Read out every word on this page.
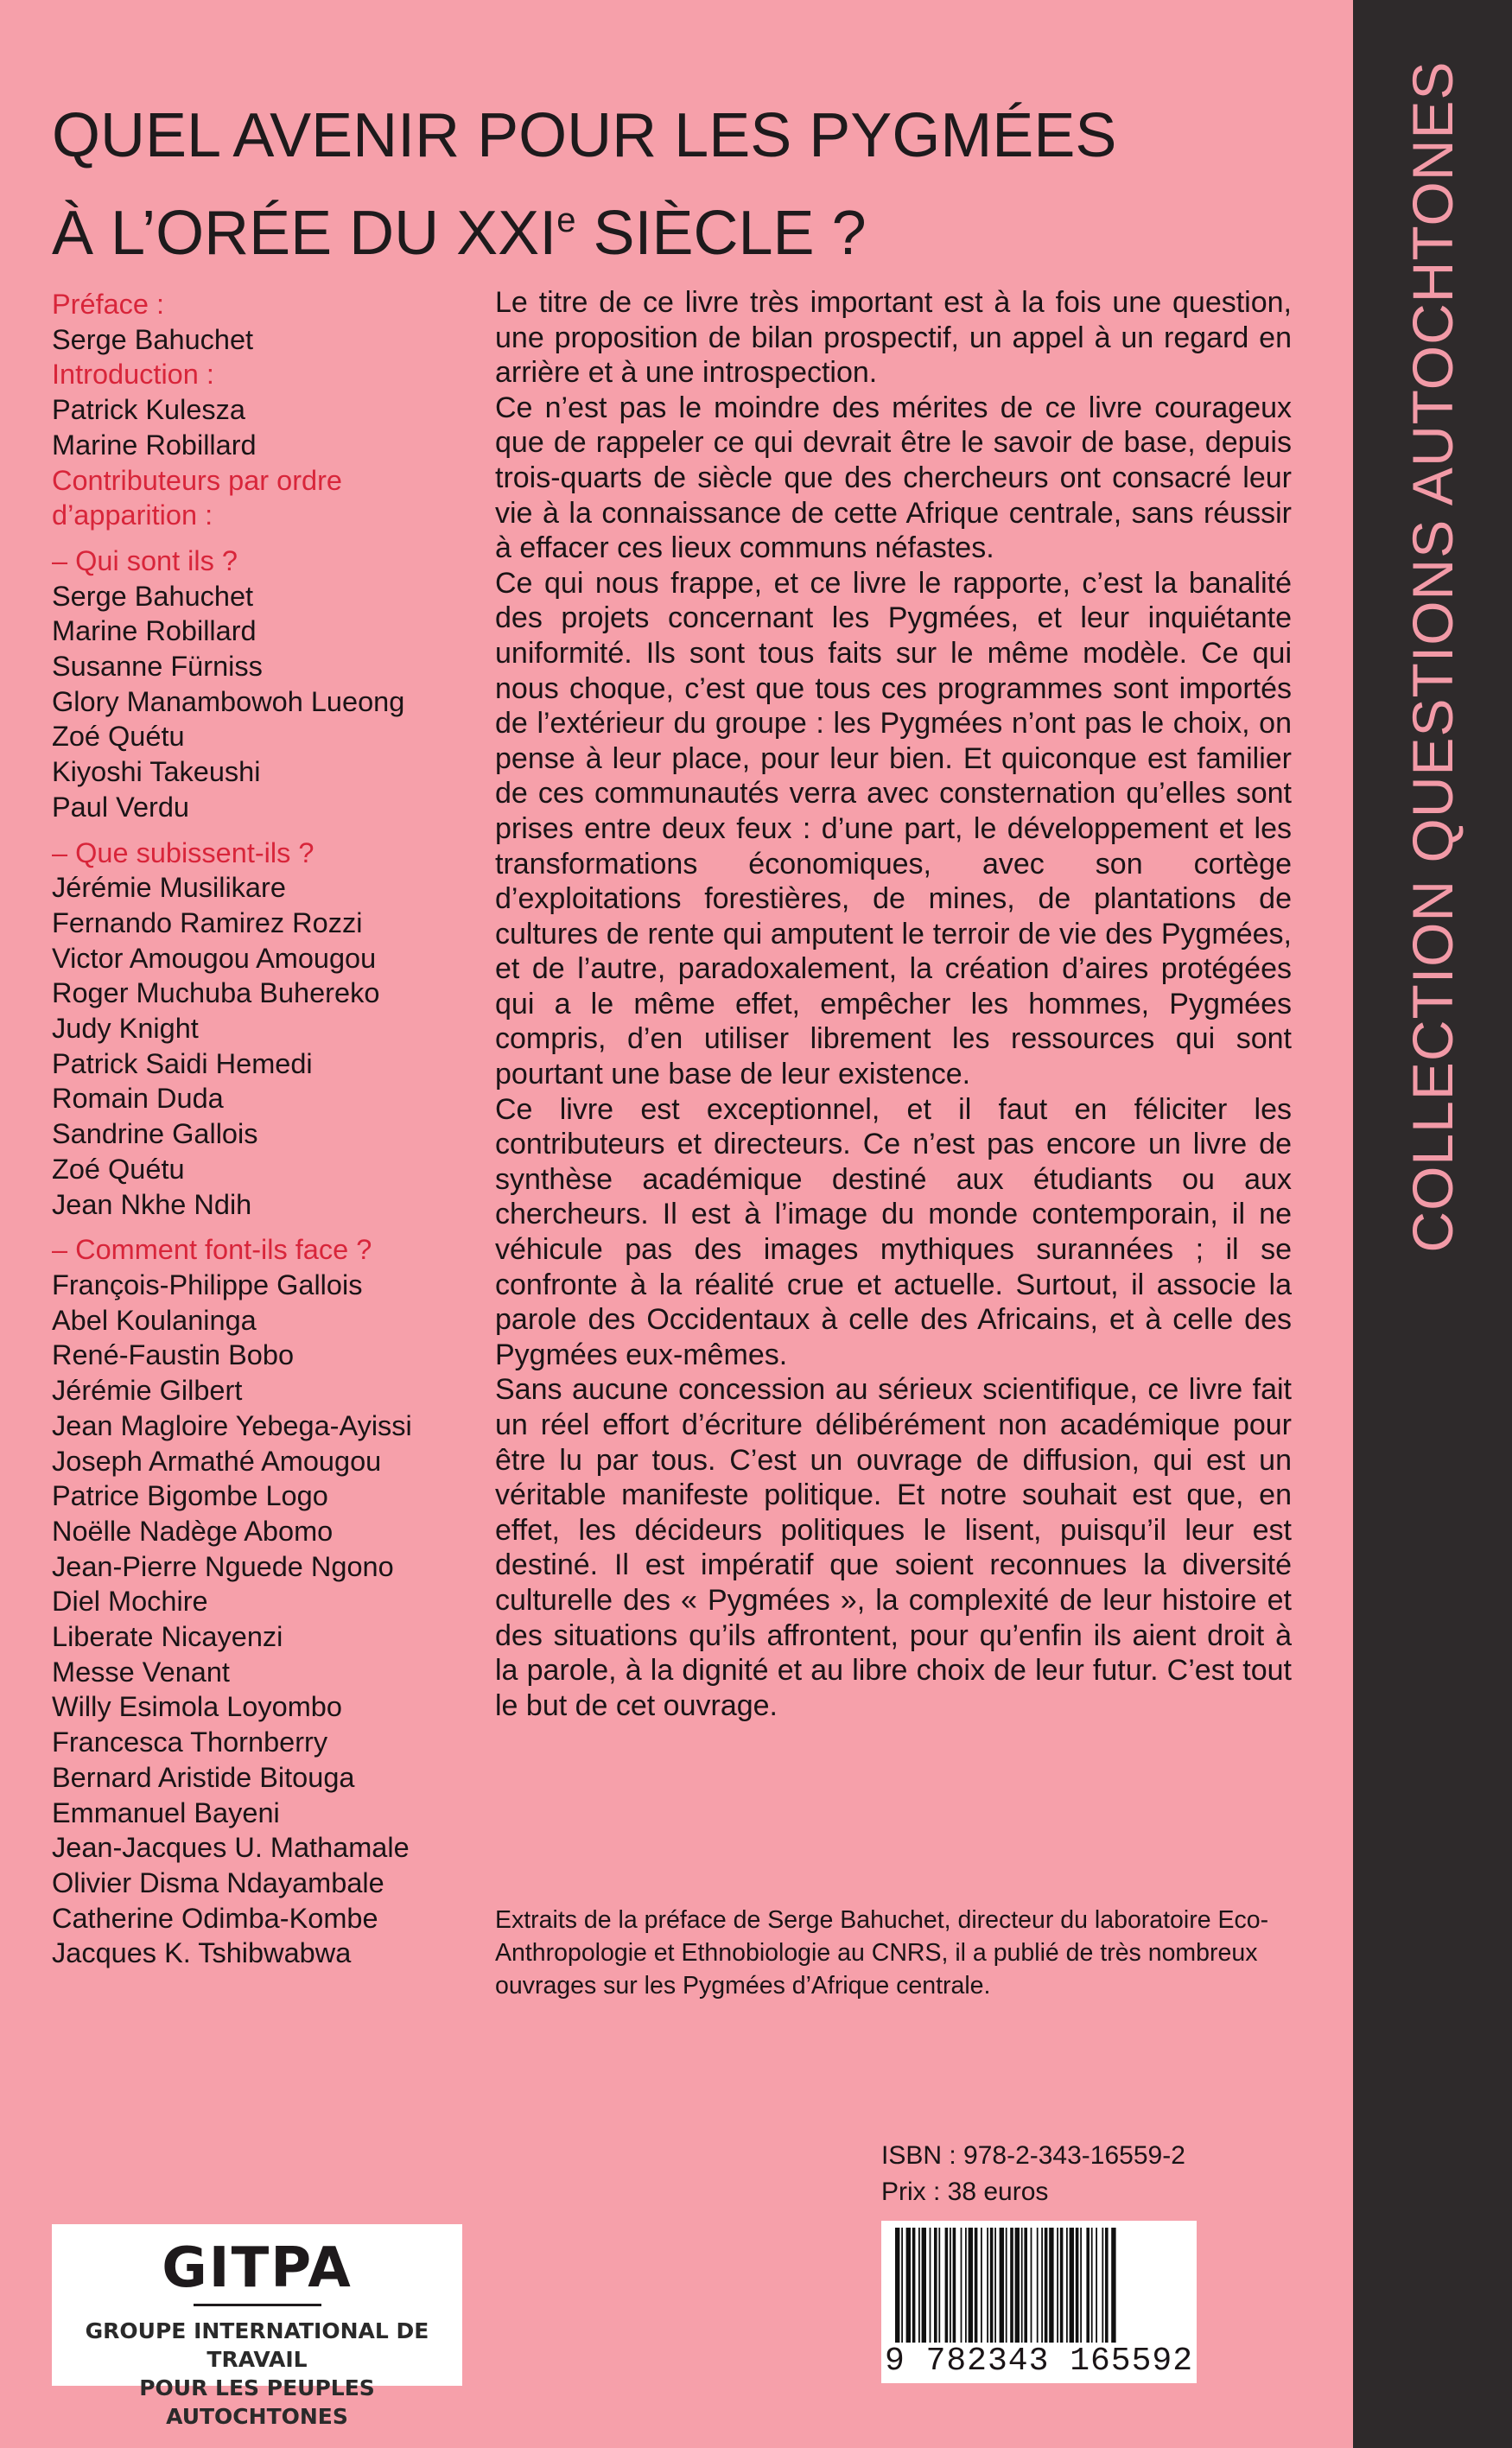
COLLECTION QUESTIONS AUTOCHTONES
QUEL AVENIR POUR LES PYGMÉES
À L’ORÉE DU XXIe SIÈCLE ?
Préface :
Serge Bahuchet
Introduction :
Patrick Kulesza
Marine Robillard
Contributeurs par ordre
d’apparition :
– Qui sont ils ?
Serge Bahuchet
Marine Robillard
Susanne Fürniss
Glory Manambowoh Lueong
Zoé Quétu
Kiyoshi Takeushi
Paul Verdu
– Que subissent-ils ?
Jérémie Musilikare
Fernando Ramirez Rozzi
Victor Amougou Amougou
Roger Muchuba Buhereko
Judy Knight
Patrick Saidi Hemedi
Romain Duda
Sandrine Gallois
Zoé Quétu
Jean Nkhe Ndih
– Comment font-ils face ?
François-Philippe Gallois
Abel Koulaninga
René-Faustin Bobo
Jérémie Gilbert
Jean Magloire Yebega-Ayissi
Joseph Armathé Amougou
Patrice Bigombe Logo
Noëlle Nadège Abomo
Jean-Pierre Nguede Ngono
Diel Mochire
Liberate Nicayenzi
Messe Venant
Willy Esimola Loyombo
Francesca Thornberry
Bernard Aristide Bitouga
Emmanuel Bayeni
Jean-Jacques U. Mathamale
Olivier Disma Ndayambale
Catherine Odimba-Kombe
Jacques K. Tshibwabwa

Le titre de ce livre très important est à la fois une question, une proposition de bilan prospectif, un appel à un regard en arrière et à une introspection.

Ce n’est pas le moindre des mérites de ce livre courageux que de rappeler ce qui devrait être le savoir de base, depuis trois-quarts de siècle que des chercheurs ont consacré leur vie à la connaissance de cette Afrique centrale, sans réussir à effacer ces lieux communs néfastes.

Ce qui nous frappe, et ce livre le rapporte, c’est la banalité des projets concernant les Pygmées, et leur inquiétante uniformité. Ils sont tous faits sur le même modèle. Ce qui nous choque, c’est que tous ces programmes sont importés de l’extérieur du groupe : les Pygmées n’ont pas le choix, on pense à leur place, pour leur bien. Et quiconque est familier de ces communautés verra avec consternation qu’elles sont prises entre deux feux : d’une part, le développement et les transformations économiques, avec son cortège d’exploitations forestières, de mines, de plantations de cultures de rente qui amputent le terroir de vie des Pygmées, et de l’autre, paradoxalement, la création d’aires protégées qui a le même effet, empêcher les hommes, Pygmées compris, d’en utiliser librement les ressources qui sont pourtant une base de leur existence.

Ce livre est exceptionnel, et il faut en féliciter les contributeurs et directeurs. Ce n’est pas encore un livre de synthèse académique destiné aux étudiants ou aux chercheurs. Il est à l’image du monde contemporain, il ne véhicule pas des images mythiques surannées ; il se confronte à la réalité crue et actuelle. Surtout, il associe la parole des Occidentaux à celle des Africains, et à celle des Pygmées eux-mêmes.

Sans aucune concession au sérieux scientifique, ce livre fait un réel effort d’écriture délibérément non académique pour être lu par tous. C’est un ouvrage de diffusion, qui est un véritable manifeste politique. Et notre souhait est que, en effet, les décideurs politiques le lisent, puisqu’il leur est destiné. Il est impératif que soient reconnues la diversité culturelle des « Pygmées », la complexité de leur histoire et des situations qu’ils affrontent, pour qu’enfin ils aient droit à la parole, à la dignité et au libre choix de leur futur. C’est tout le but de cet ouvrage.

Extraits de la préface de Serge Bahuchet, directeur du laboratoire Eco-Anthropologie et Ethnobiologie au CNRS, il a publié de très nombreux ouvrages sur les Pygmées d’Afrique centrale.
ISBN : 978-2-343-16559-2
Prix : 38 euros
9 782343 165592
GITPA
GROUPE INTERNATIONAL DE TRAVAIL
POUR LES PEUPLES AUTOCHTONES
